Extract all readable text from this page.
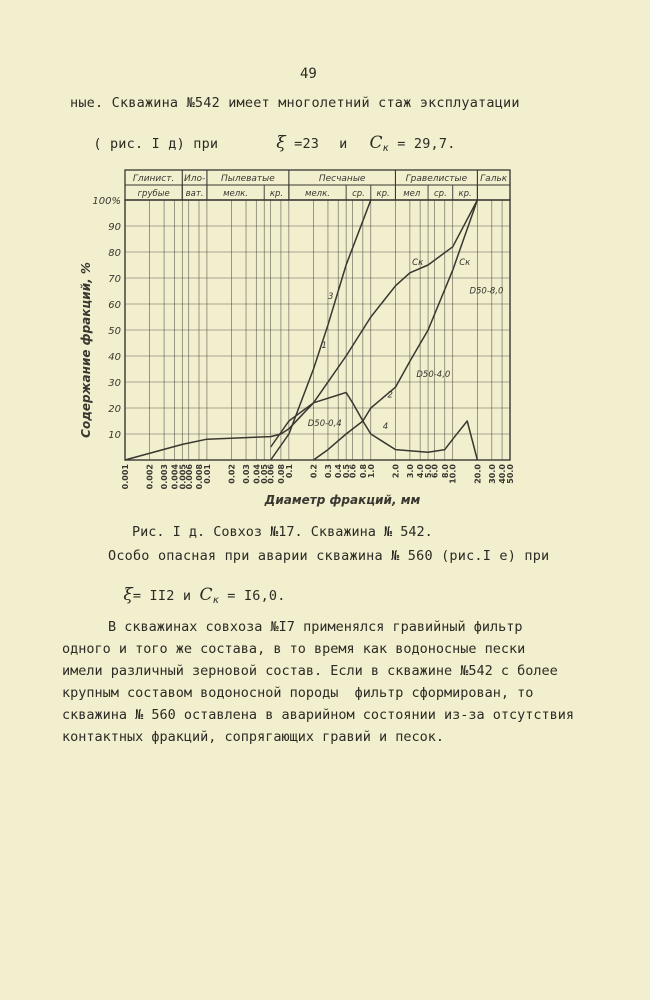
49
ные. Скважина №542 имеет многолетний стаж эксплуатации

( рис. I д) при	ξ =23 и $C_к = 29,7$.

Глинист. Ило- Пылеватые	Песчаные	Гравелистые Гальк
грубые ват. мелк.	кр.	мелк.	ср. кр. мел ср. кр.
10
20
30
40
50
60
70
80
90
100%
0.001 0.002 0.003 0.004
0.005
0.006 0.008
0.01 0.02 0.03 0.04
0.05
0.06 0.08
0.1 0.2 0.3 0.4
0.5
0.6 0.8
1.0 2.0 3.0 4.0
5.0
6.0 8.0
10.0 20.0 30.0 40.0
50.0
Содержание фракций, %
Диаметр фракций, мм
1
2
3
4
Cк	Cк
D50-8,0
D50-4,0
D50-0,4
Рис. I д. Совхоз №17. Скважина № 542.
Особо опасная при аварии скважина № 560 (рис.I е) при

ξ= II2 и $C_к = I6,0$.

В скважинах совхоза №I7 применялся гравийный фильтр
одного и того же состава, в то время как водоносные пески
имели различный зерновой состав. Если в скважине №542 с более
крупным составом водоносной породы  фильтр сформирован, то
скважина № 560 оставлена в аварийном состоянии из-за отсутствия
контактных фракций, сопрягающих гравий и песок.
